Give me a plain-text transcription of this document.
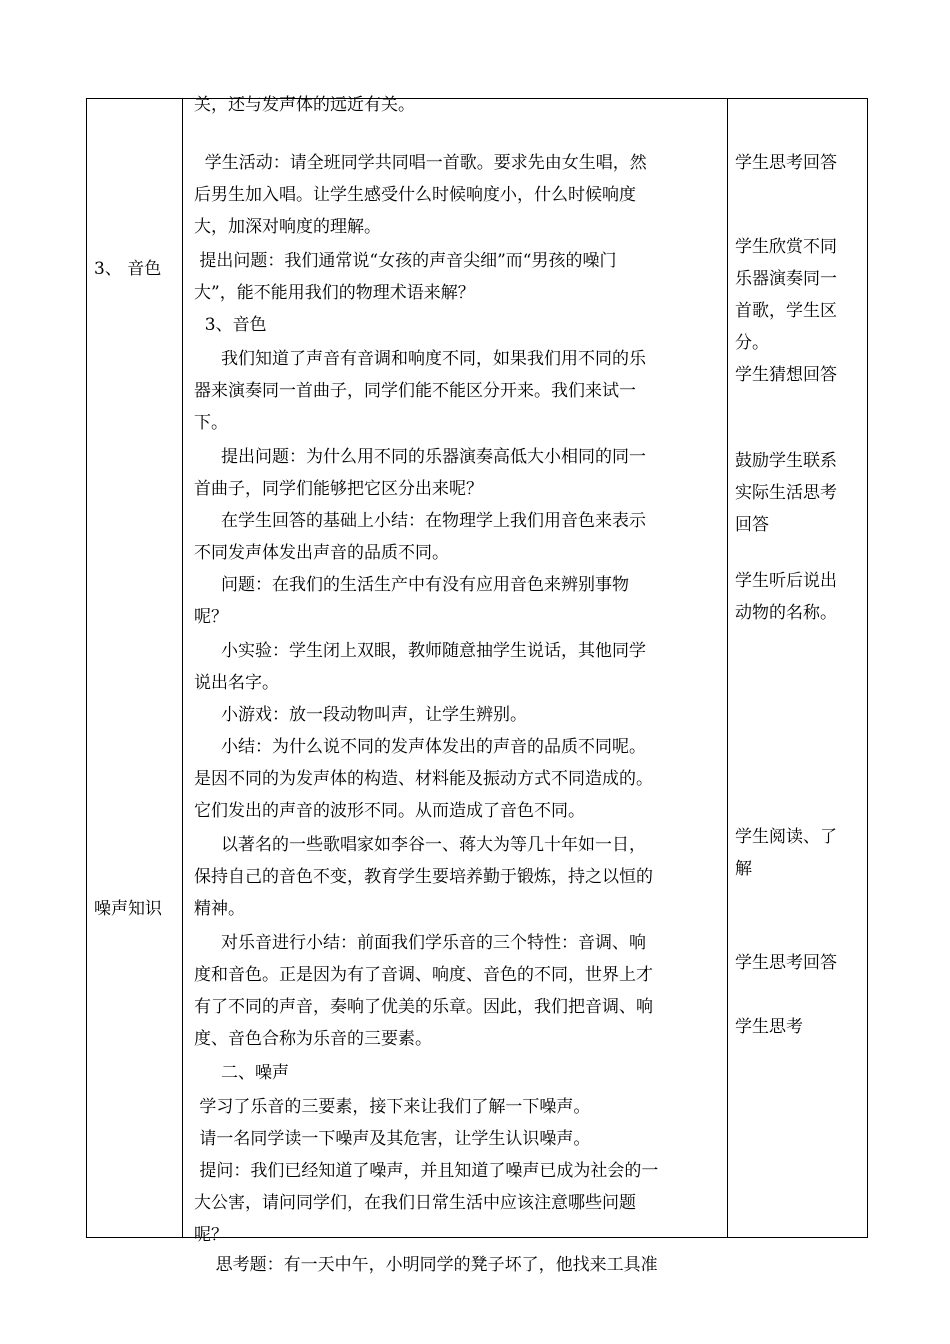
3、 音色
噪声知识
关，还与发声体的远近有关。
学生活动：请全班同学共同唱一首歌。要求先由女生唱，然
后男生加入唱。让学生感受什么时候响度小，什么时候响度
大，加深对响度的理解。
提出问题：我们通常说“女孩的声音尖细”而“男孩的噪门
大”，能不能用我们的物理术语来解？
3、音色
我们知道了声音有音调和响度不同，如果我们用不同的乐
器来演奏同一首曲子，同学们能不能区分开来。我们来试一
下。
提出问题：为什么用不同的乐器演奏高低大小相同的同一
首曲子，同学们能够把它区分出来呢？
在学生回答的基础上小结：在物理学上我们用音色来表示
不同发声体发出声音的品质不同。
问题：在我们的生活生产中有没有应用音色来辨别事物
呢？
小实验：学生闭上双眼，教师随意抽学生说话，其他同学
说出名字。
小游戏：放一段动物叫声，让学生辨别。
小结：为什么说不同的发声体发出的声音的品质不同呢。
是因不同的为发声体的构造、材料能及振动方式不同造成的。
它们发出的声音的波形不同。从而造成了音色不同。
以著名的一些歌唱家如李谷一、蒋大为等几十年如一日，
保持自己的音色不变，教育学生要培养勤于锻炼，持之以恒的
精神。
对乐音进行小结：前面我们学乐音的三个特性：音调、响
度和音色。正是因为有了音调、响度、音色的不同，世界上才
有了不同的声音，奏响了优美的乐章。因此，我们把音调、响
度、音色合称为乐音的三要素。
二、噪声
学习了乐音的三要素，接下来让我们了解一下噪声。
请一名同学读一下噪声及其危害，让学生认识噪声。
提问：我们已经知道了噪声，并且知道了噪声已成为社会的一
大公害，请问同学们，在我们日常生活中应该注意哪些问题
呢？
思考题：有一天中午，小明同学的凳子坏了，他找来工具准
学生思考回答
学生欣赏不同
乐器演奏同一
首歌，学生区
分。
学生猜想回答
鼓励学生联系
实际生活思考
回答
学生听后说出
动物的名称。
学生阅读、了
解
学生思考回答
学生思考
